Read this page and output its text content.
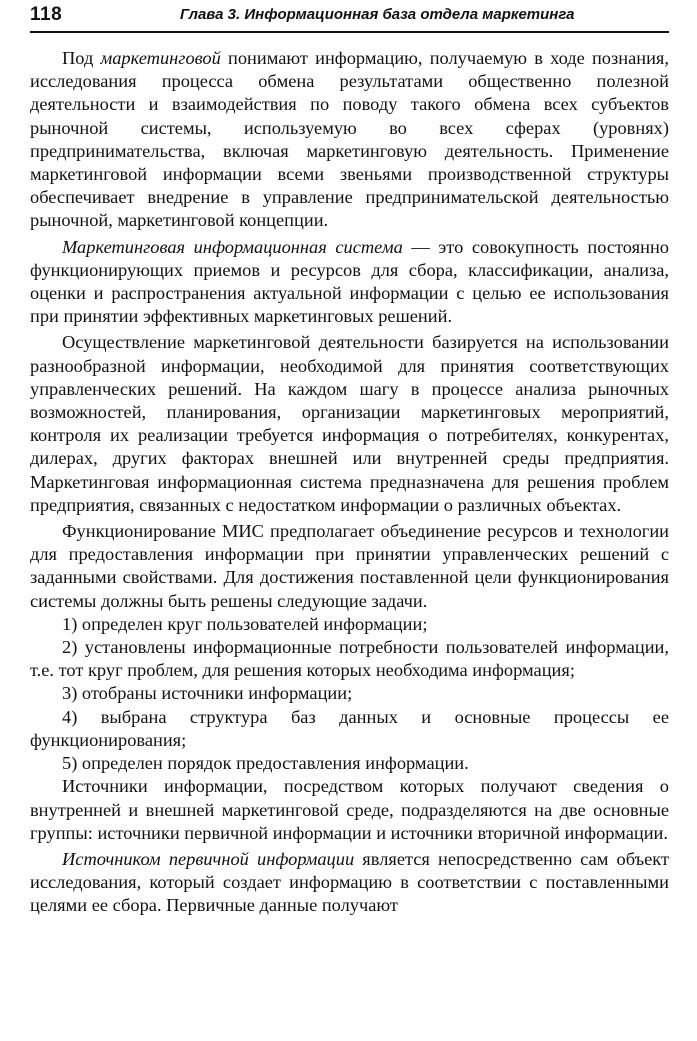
118	Глава 3. Информационная база отдела маркетинга

Под маркетинговой понимают информацию, получаемую в ходе познания, исследования процесса обмена результатами общественно полезной деятельности и взаимодействия по поводу такого обмена всех субъектов рыночной системы, используемую во всех сферах (уровнях) предпринимательства, включая маркетинговую деятельность. Применение маркетинговой информации всеми звеньями производственной структуры обеспечивает внедрение в управление предпринимательской деятельностью рыночной, маркетинговой концепции.

Маркетинговая информационная система — это совокупность постоянно функционирующих приемов и ресурсов для сбора, классификации, анализа, оценки и распространения актуальной информации с целью ее использования при принятии эффективных маркетинговых решений.

Осуществление маркетинговой деятельности базируется на использовании разнообразной информации, необходимой для принятия соответствующих управленческих решений. На каждом шагу в процессе анализа рыночных возможностей, планирования, организации маркетинговых мероприятий, контроля их реализации требуется информация о потребителях, конкурентах, дилерах, других факторах внешней или внутренней среды предприятия. Маркетинговая информационная система предназначена для решения проблем предприятия, связанных с недостатком информации о различных объектах.

Функционирование МИС предполагает объединение ресурсов и технологии для предоставления информации при принятии управленческих решений с заданными свойствами. Для достижения поставленной цели функционирования системы должны быть решены следующие задачи.

1) определен круг пользователей информации;

2) установлены информационные потребности пользователей информации, т.е. тот круг проблем, для решения которых необходима информация;

3) отобраны источники информации;

4) выбрана структура баз данных и основные процессы ее функционирования;

5) определен порядок предоставления информации.

Источники информации, посредством которых получают сведения о внутренней и внешней маркетинговой среде, подразделяются на две основные группы: источники первичной информации и источники вторичной информации.

Источником первичной информации является непосредственно сам объект исследования, который создает информацию в соответствии с поставленными целями ее сбора. Первичные данные получают
